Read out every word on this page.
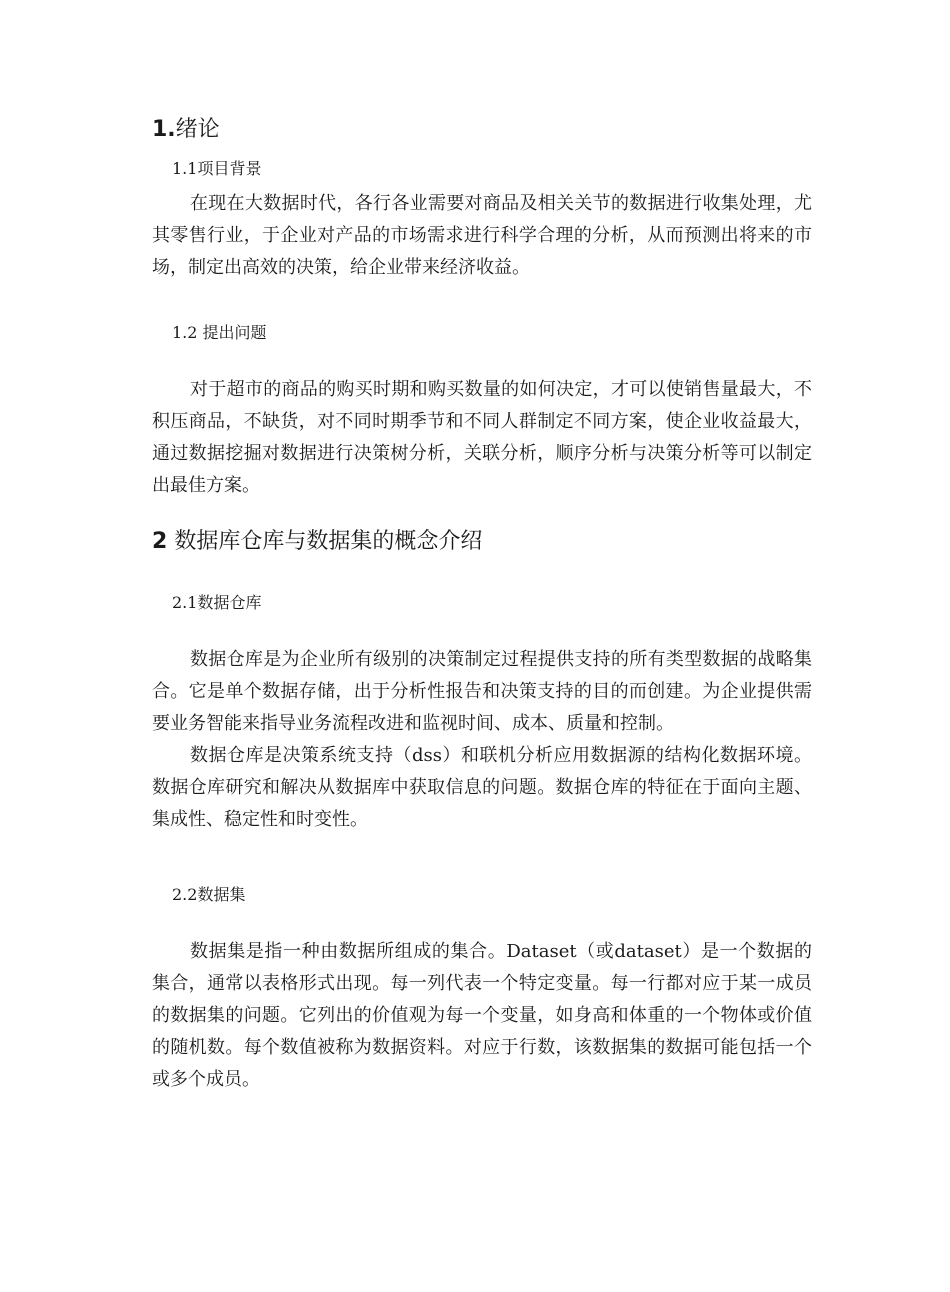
1.绪论
1.1项目背景

在现在大数据时代，各行各业需要对商品及相关关节的数据进行收集处理，尤其零售行业，于企业对产品的市场需求进行科学合理的分析，从而预测出将来的市场，制定出高效的决策，给企业带来经济收益。

1.2 提出问题

对于超市的商品的购买时期和购买数量的如何决定，才可以使销售量最大，不积压商品，不缺货，对不同时期季节和不同人群制定不同方案，使企业收益最大，通过数据挖掘对数据进行决策树分析，关联分析，顺序分析与决策分析等可以制定出最佳方案。

2 数据库仓库与数据集的概念介绍
2.1数据仓库

数据仓库是为企业所有级别的决策制定过程提供支持的所有类型数据的战略集合。它是单个数据存储，出于分析性报告和决策支持的目的而创建。为企业提供需要业务智能来指导业务流程改进和监视时间、成本、质量和控制。

数据仓库是决策系统支持（dss）和联机分析应用数据源的结构化数据环境。数据仓库研究和解决从数据库中获取信息的问题。数据仓库的特征在于面向主题、集成性、稳定性和时变性。

2.2数据集

数据集是指一种由数据所组成的集合。Dataset（或dataset）是一个数据的集合，通常以表格形式出现。每一列代表一个特定变量。每一行都对应于某一成员的数据集的问题。它列出的价值观为每一个变量，如身高和体重的一个物体或价值的随机数。每个数值被称为数据资料。对应于行数，该数据集的数据可能包括一个或多个成员。
